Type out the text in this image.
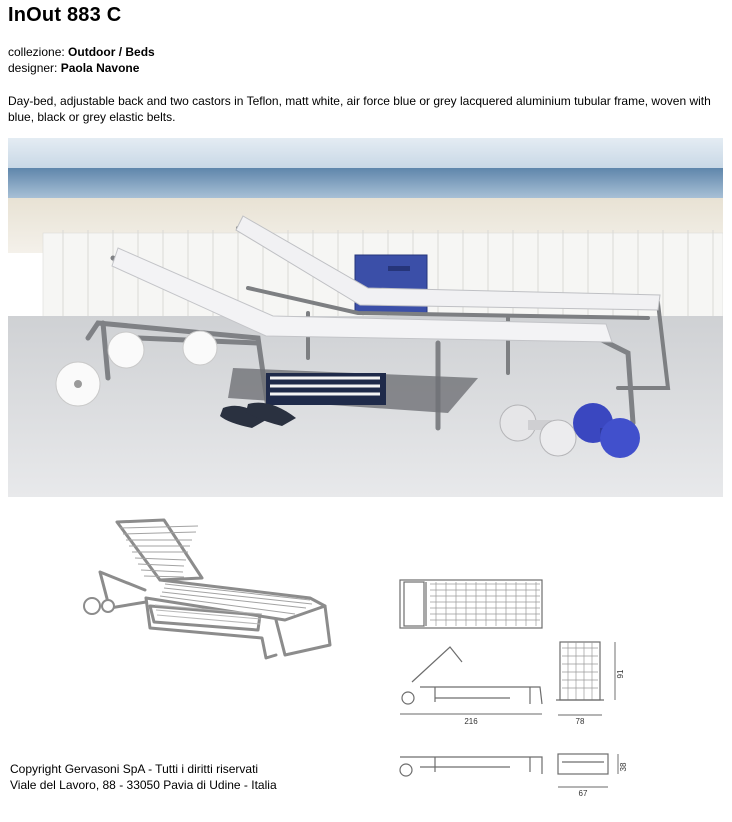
InOut 883 C
collezione: Outdoor / Beds
designer: Paola Navone
Day-bed, adjustable back and two castors in Teflon, matt white, air force blue or grey lacquered aluminium tubular frame, woven with blue, black or grey elastic belts.
216	78
91
38
67
Copyright Gervasoni SpA - Tutti i diritti riservati
Viale del Lavoro, 88 - 33050 Pavia di Udine - Italia
